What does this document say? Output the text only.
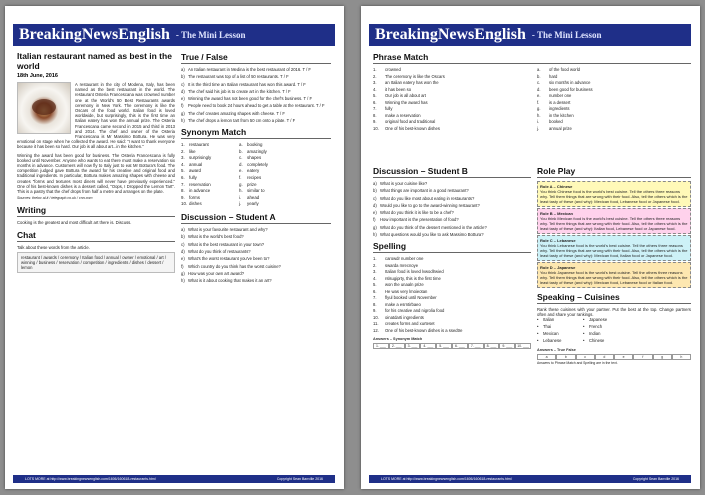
BreakingNewsEnglish - The Mini Lesson
Italian restaurant named as best in the world
18th June, 2016
A restaurant in the city of Modena, Italy, has been named as the best restaurant in the world. The restaurant Osteria Francescana was crowned number one at the World's 50 Best Restaurants awards ceremony in New York. The ceremony is like the Oscars of the food world. Italian food is loved worldwide, but surprisingly, this is the first time an Italian eatery has won the annual prize. The Osteria Francescana came second in 2015 and third in 2013 and 2014. The chef and owner of the Osteria Francescana is Mr Massimo Bottura. He was very emotional on stage when he collected the award. He said: "I want to thank everyone because it has been so hard. Our job is all about art...in the kitchen."
Winning the award has been good for business. The Osteria Francescana is fully booked until November. Anyone who wants to eat there must make a reservation six months in advance. Customers will now fly to Italy just to eat Mr Bottura's food. The competition judged gave Bottura the award for his creative and original food and traditional ingredients. In particular, Bottura makes amazing shapes with cheese and creates "forms and textures most diners will never have previously experienced." One of his best-known dishes is a dessert called, "Oops, I Dropped the Lemon Tart". This is a pastry that the chef drops from half a metre and arranges on the plate.
Sources: theloc al.it / telegraph.co.uk / cnn.com
Writing
Cooking is the greatest and most difficult art there is. Discuss.
Chat
Talk about these words from the article.
restaurant / awards / ceremony / Italian food / annual / owner / emotional / art / winning / business / reservation / competition / ingredients / dishes / dessert / lemon
True / False
a) An Italian restaurant in Medina is the best restaurant of 2016. T / F
b) The restaurant was top of a list of 50 restaurants. T / F
c) It is the third time an Italian restaurant has won this award. T / F
d) The chef said his job is to create art in the kitchen. T / F
e) Winning the award has not been good for the chef's business. T / F
f)	People need to book 24 hours ahead to get a table at the restaurant. T / F
g) The chef creates amazing shapes with cheese. T / F
h) The chef drops a lemon tart from 50 cm onto a plate. T / F
Synonym Match
1. restaurant	a. booking
2. like	b. amazingly
3. surprisingly	c.	shapes
4. annual	d. completely
5. award	e. eatery
6. fully	f.	recipes
7. reservation	g. prize
8. in advance	h. similar to
9. forms	i.	ahead
10. dishes	j.	yearly
Discussion – Student A
a) What is your favourite restaurant and why?
b) What is the world's best food?
c) What is the best restaurant in your town?
d) What do you think of restaurants?
e) What's the worst restaurant you've been to?
f)	Which country do you think has the worst cuisine?
g) How was your own art award?
h) What is it about cooking that makes it an art?
LOTS MORE at http://www.breakingnewsenglish.com/1606/160618-restaurants.html	Copyright Sean Banville 2016
BreakingNewsEnglish - The Mini Lesson
Phrase Match
1.	crowned
2.	The ceremony is like the Oscars
3.	an Italian eatery has won the
4.	it has been so
5.	Our job is all about art
6.	Winning the award has
7.	fully
8.	make a reservation
9.	original food and traditional
10.	One of his best-known dishes
a.	of the food world
b.	hard
c.	six months in advance
d.	been good for business
e.	number one
f.	is a dessert
g.	ingredients
h.	in the kitchen
i.	booked
j.	annual prize
Discussion – Student B
a) What is your cuisine like?
b) What things are important in a good restaurant?
c) What do you like most about eating in restaurants?
d) Would you like to go to the award-winning restaurant?
e) What do you think it is like to be a chef?
f)	How important is the presentation of food?
g) What do you think of the dessert mentioned in the article?
h) What questions would you like to ask Massimo Bottura?
Spelling
1.	carowdr number one
2.	swarda mrecnoye
3.	Italian food is loved lvwodlrwied
4.	rslsugiprty, this is the first time
5.	won the unaaln prize
6.	He was very lmoieotan
7.	flyul booked until November
8.	make a esrntirbaeo
9.	for his creative and nigrolia food
10.	oinatdarti ingredients
11.	creates forms and xurteset
12.	One of his best-known dishes is a ssedtre
Answers – Synonym Match
1. ___	2. ___	3. ___	4. ___	5. ___	6. ___	7. ___	8. ___	9. ___	10. ___
Role Play
Role A – Chinese
You think Chinese food is the world's best cuisine. Tell the others three reasons why. Tell them things that are wrong with their food. Also, tell the others which is the least tasty of these (and why): Mexican food, Lebanese food or Japanese food.
Role B – Mexican
You think Mexican food is the world's best cuisine. Tell the others three reasons why. Tell them things that are wrong with their food. Also, tell the others which is the least tasty of these (and why): Italian food, Lebanese food or Japanese food.
Role C – Lebanese
You think Lebanese food is the world's best cuisine. Tell the others three reasons why. Tell them things that are wrong with their food. Also, tell the others which is the least tasty of these (and why): Mexican food, Italian food or Japanese food.
Role D – Japanese
You think Japanese food is the world's best cuisine. Tell the others three reasons why. Tell them things that are wrong with their food. Also, tell the others which is the least tasty of these (and why): Mexican food, Lebanese food or Italian food.
Speaking – Cuisines
Rank these cuisines with your partner. Put the best at the top. Change partners often and share your rankings.
•	Italian	•	Japanese
•	Thai	•	French
•	Mexican	•	Indian
•	Lebanese	•	Chinese
Answers – True False
a	b	c	d	e	f	g	h
Answers to Phrase Match and Spelling are in the text.
LOTS MORE at http://www.breakingnewsenglish.com/1606/160618-restaurants.html	Copyright Sean Banville 2016
